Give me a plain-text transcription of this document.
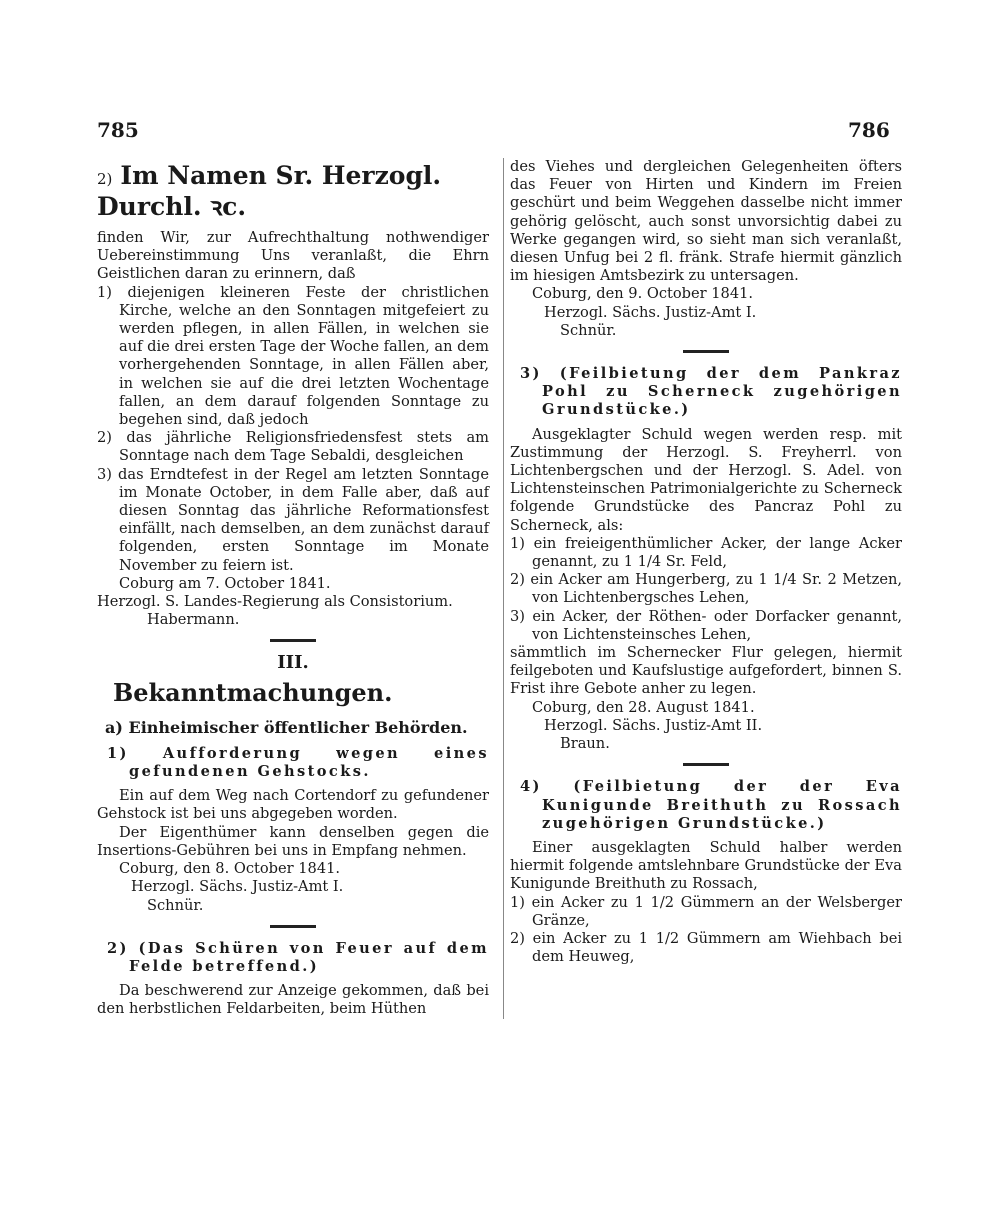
785	786
2) Im Namen Sr. Herzogl. Durchl. ꝛc.

finden Wir, zur Aufrechthaltung nothwendiger Uebereinstimmung Uns veranlaßt, die Ehrn Geistlichen daran zu erinnern, daß

1) diejenigen kleineren Feste der christlichen Kirche, welche an den Sonntagen mitgefeiert zu werden pflegen, in allen Fällen, in welchen sie auf die drei ersten Tage der Woche fallen, an dem vorhergehenden Sonntage, in allen Fällen aber, in welchen sie auf die drei letzten Wochentage fallen, an dem darauf folgenden Sonntage zu begehen sind, daß jedoch

2) das jährliche Religionsfriedensfest stets am Sonntage nach dem Tage Sebaldi, desgleichen

3) das Erndtefest in der Regel am letzten Sonntage im Monate October, in dem Falle aber, daß auf diesen Sonntag das jährliche Reformationsfest einfällt, nach demselben, an dem zunächst darauf folgenden, ersten Sonntage im Monate November zu feiern ist.

Coburg am 7. October 1841.

Herzogl. S. Landes-Regierung als Consistorium.

Habermann.

III.
Bekanntmachungen.
a) Einheimischer öffentlicher Behörden.

1) Aufforderung wegen eines gefundenen Gehstocks.

Ein auf dem Weg nach Cortendorf zu gefundener Gehstock ist bei uns abgegeben worden.

Der Eigenthümer kann denselben gegen die Insertions-Gebühren bei uns in Empfang nehmen.

Coburg, den 8. October 1841.

Herzogl. Sächs. Justiz-Amt I.

Schnür.

2) (Das Schüren von Feuer auf dem Felde betreffend.)

Da beschwerend zur Anzeige gekommen, daß bei den herbstlichen Feldarbeiten, beim Hüthen

des Viehes und dergleichen Gelegenheiten öfters das Feuer von Hirten und Kindern im Freien geschürt und beim Weggehen dasselbe nicht immer gehörig gelöscht, auch sonst unvorsichtig dabei zu Werke gegangen wird, so sieht man sich veranlaßt, diesen Unfug bei 2 fl. fränk. Strafe hiermit gänzlich im hiesigen Amtsbezirk zu untersagen.

Coburg, den 9. October 1841.

Herzogl. Sächs. Justiz-Amt I.

Schnür.

3) (Feilbietung der dem Pankraz Pohl zu Scherneck zugehörigen Grundstücke.)

Ausgeklagter Schuld wegen werden resp. mit Zustimmung der Herzogl. S. Freyherrl. von Lichtenbergschen und der Herzogl. S. Adel. von Lichtensteinschen Patrimonialgerichte zu Scherneck folgende Grundstücke des Pancraz Pohl zu Scherneck, als:

1) ein freieigenthümlicher Acker, der lange Acker genannt, zu 1 1/4 Sr. Feld,

2) ein Acker am Hungerberg, zu 1 1/4 Sr. 2 Metzen, von Lichtenbergsches Lehen,

3) ein Acker, der Röthen- oder Dorfacker genannt, von Lichtensteinsches Lehen,

sämmtlich im Schernecker Flur gelegen, hiermit feilgeboten und Kaufslustige aufgefordert, binnen S. Frist ihre Gebote anher zu legen.

Coburg, den 28. August 1841.

Herzogl. Sächs. Justiz-Amt II.

Braun.

4) (Feilbietung der der Eva Kunigunde Breithuth zu Rossach zugehörigen Grundstücke.)

Einer ausgeklagten Schuld halber werden hiermit folgende amtslehnbare Grundstücke der Eva Kunigunde Breithuth zu Rossach,

1) ein Acker zu 1 1/2 Gümmern an der Welsberger Gränze,

2) ein Acker zu 1 1/2 Gümmern am Wiehbach bei dem Heuweg,
